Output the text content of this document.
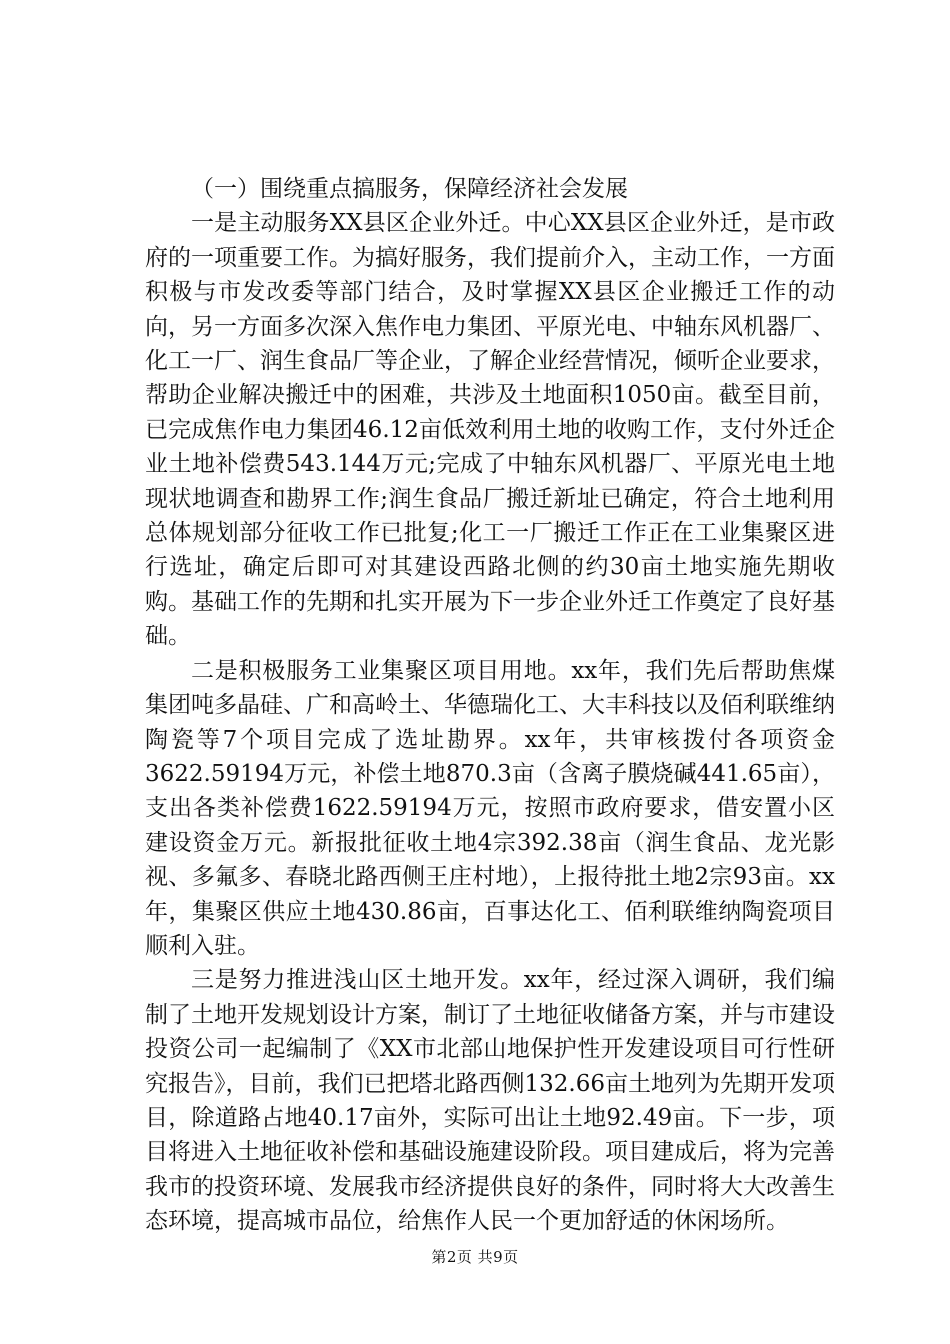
（一）围绕重点搞服务，保障经济社会发展

一是主动服务XX县区企业外迁。中心XX县区企业外迁，是市政府的一项重要工作。为搞好服务，我们提前介入，主动工作，一方面积极与市发改委等部门结合，及时掌握XX县区企业搬迁工作的动向，另一方面多次深入焦作电力集团、平原光电、中轴东风机器厂、化工一厂、润生食品厂等企业，了解企业经营情况，倾听企业要求，帮助企业解决搬迁中的困难，共涉及土地面积1050亩。截至目前，已完成焦作电力集团46.12亩低效利用土地的收购工作，支付外迁企业土地补偿费543.144万元;完成了中轴东风机器厂、平原光电土地现状地调查和勘界工作;润生食品厂搬迁新址已确定，符合土地利用总体规划部分征收工作已批复;化工一厂搬迁工作正在工业集聚区进行选址，确定后即可对其建设西路北侧的约30亩土地实施先期收购。基础工作的先期和扎实开展为下一步企业外迁工作奠定了良好基础。

二是积极服务工业集聚区项目用地。xx年，我们先后帮助焦煤集团吨多晶硅、广和高岭土、华德瑞化工、大丰科技以及佰利联维纳陶瓷等7个项目完成了选址勘界。xx年，共审核拨付各项资金3622.59194万元，补偿土地870.3亩（含离子膜烧碱441.65亩），支出各类补偿费1622.59194万元，按照市政府要求，借安置小区建设资金万元。新报批征收土地4宗392.38亩（润生食品、龙光影视、多氟多、春晓北路西侧王庄村地），上报待批土地2宗93亩。xx年，集聚区供应土地430.86亩，百事达化工、佰利联维纳陶瓷项目顺利入驻。

三是努力推进浅山区土地开发。xx年，经过深入调研，我们编制了土地开发规划设计方案，制订了土地征收储备方案，并与市建设投资公司一起编制了《XX市北部山地保护性开发建设项目可行性研究报告》，目前，我们已把塔北路西侧132.66亩土地列为先期开发项目，除道路占地40.17亩外，实际可出让土地92.49亩。下一步，项目将进入土地征收补偿和基础设施建设阶段。项目建成后，将为完善我市的投资环境、发展我市经济提供良好的条件，同时将大大改善生态环境，提高城市品位，给焦作人民一个更加舒适的休闲场所。

第2页 共9页
